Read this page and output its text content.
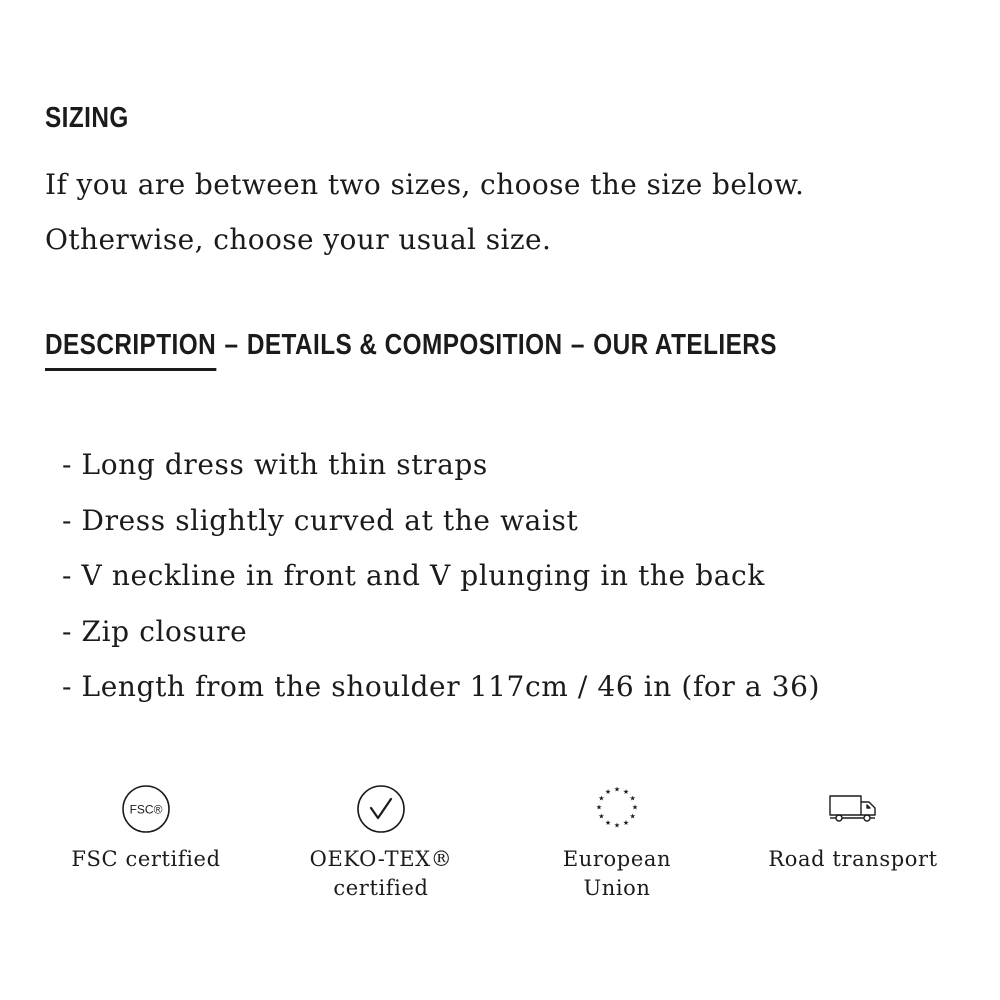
SIZING

If you are between two sizes, choose the size below.
Otherwise, choose your usual size.

DESCRIPTION – DETAILS & COMPOSITION – OUR ATELIERS
- Long dress with thin straps
- Dress slightly curved at the waist
- V neckline in front and V plunging in the back
- Zip closure
- Length from the shoulder 117cm / 46 in (for a 36)
FSC®
FSC certified	OEKO-TEX®
certified
★ ★
★
★
★
★
★
★
★
★
★
★
European
Union
Road transport
